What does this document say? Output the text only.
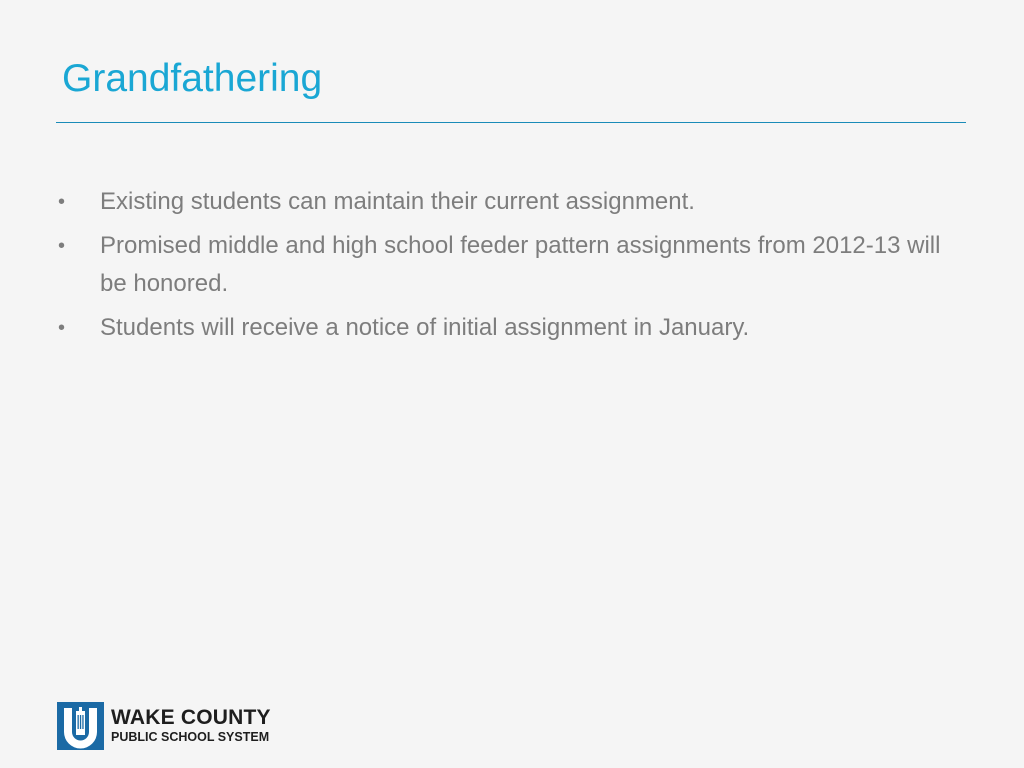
Grandfathering
• Existing students can maintain their current assignment.
• Promised middle and high school feeder pattern assignments from 2012-13 will be honored.
• Students will receive a notice of initial assignment in January.
WAKE COUNTY
PUBLIC SCHOOL SYSTEM
